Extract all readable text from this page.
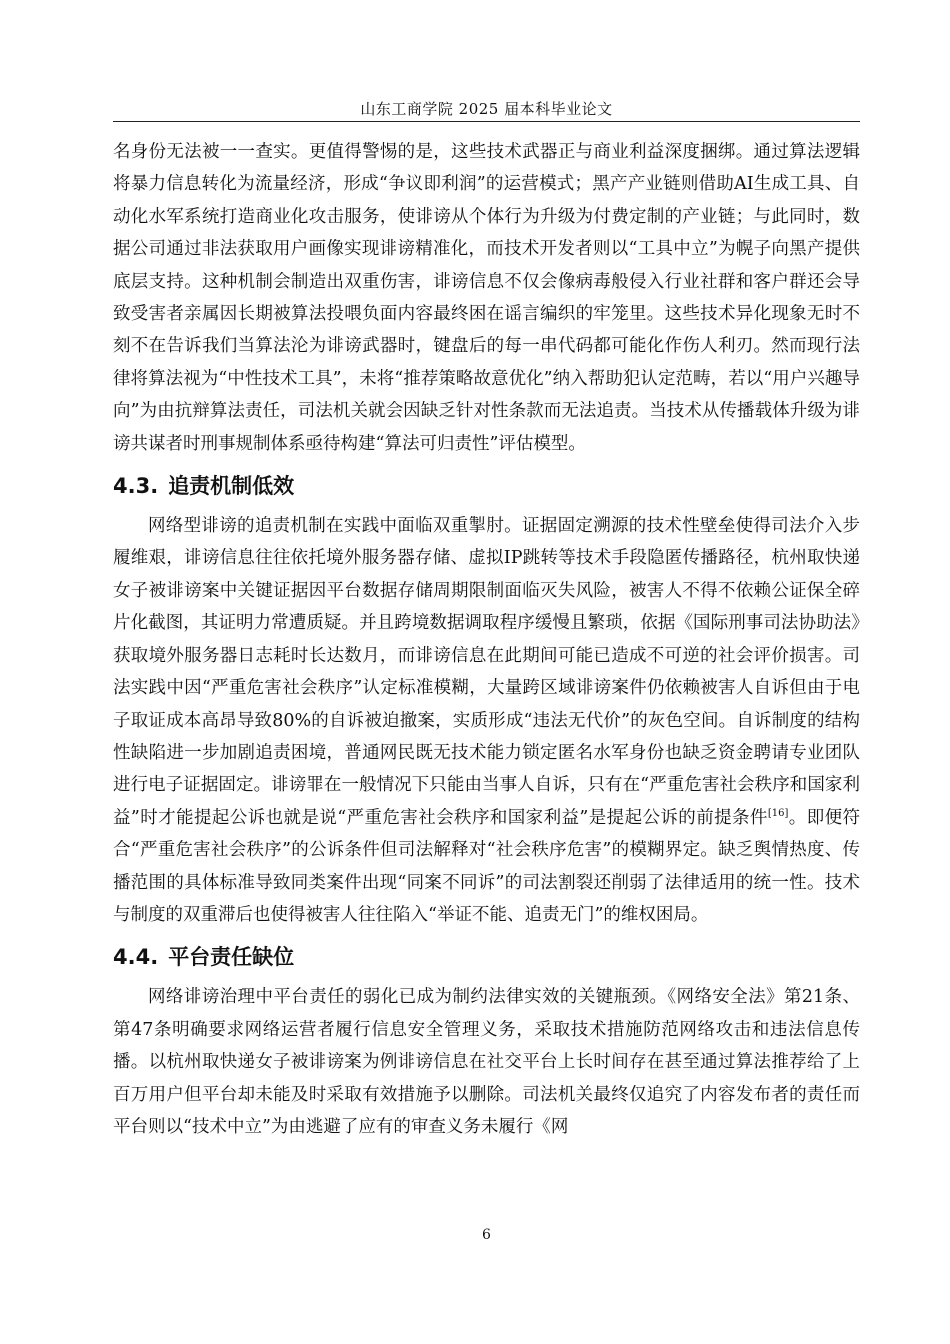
山东工商学院 2025 届本科毕业论文

名身份无法被一一查实。更值得警惕的是，这些技术武器正与商业利益深度捆绑。通过算法逻辑将暴力信息转化为流量经济，形成“争议即利润”的运营模式；黑产产业链则借助AI生成工具、自动化水军系统打造商业化攻击服务，使诽谤从个体行为升级为付费定制的产业链；与此同时，数据公司通过非法获取用户画像实现诽谤精准化，而技术开发者则以“工具中立”为幌子向黑产提供底层支持。这种机制会制造出双重伤害，诽谤信息不仅会像病毒般侵入行业社群和客户群还会导致受害者亲属因长期被算法投喂负面内容最终困在谣言编织的牢笼里。这些技术异化现象无时不刻不在告诉我们当算法沦为诽谤武器时，键盘后的每一串代码都可能化作伤人利刃。然而现行法律将算法视为“中性技术工具”，未将“推荐策略故意优化”纳入帮助犯认定范畴，若以“用户兴趣导向”为由抗辩算法责任，司法机关就会因缺乏针对性条款而无法追责。当技术从传播载体升级为诽谤共谋者时刑事规制体系亟待构建“算法可归责性”评估模型。

4.3. 追责机制低效

网络型诽谤的追责机制在实践中面临双重掣肘。证据固定溯源的技术性壁垒使得司法介入步履维艰，诽谤信息往往依托境外服务器存储、虚拟IP跳转等技术手段隐匿传播路径，杭州取快递女子被诽谤案中关键证据因平台数据存储周期限制面临灭失风险，被害人不得不依赖公证保全碎片化截图，其证明力常遭质疑。并且跨境数据调取程序缓慢且繁琐，依据《国际刑事司法协助法》获取境外服务器日志耗时长达数月，而诽谤信息在此期间可能已造成不可逆的社会评价损害。司法实践中因“严重危害社会秩序”认定标准模糊，大量跨区域诽谤案件仍依赖被害人自诉但由于电子取证成本高昂导致80%的自诉被迫撤案，实质形成“违法无代价”的灰色空间。自诉制度的结构性缺陷进一步加剧追责困境，普通网民既无技术能力锁定匿名水军身份也缺乏资金聘请专业团队进行电子证据固定。诽谤罪在一般情况下只能由当事人自诉，只有在“严重危害社会秩序和国家利益”时才能提起公诉也就是说“严重危害社会秩序和国家利益”是提起公诉的前提条件[16]。即便符合“严重危害社会秩序”的公诉条件但司法解释对“社会秩序危害”的模糊界定。缺乏舆情热度、传播范围的具体标准导致同类案件出现“同案不同诉”的司法割裂还削弱了法律适用的统一性。技术与制度的双重滞后也使得被害人往往陷入“举证不能、追责无门”的维权困局。

4.4. 平台责任缺位

网络诽谤治理中平台责任的弱化已成为制约法律实效的关键瓶颈。《网络安全法》第21条、第47条明确要求网络运营者履行信息安全管理义务，采取技术措施防范网络攻击和违法信息传播。以杭州取快递女子被诽谤案为例诽谤信息在社交平台上长时间存在甚至通过算法推荐给了上百万用户但平台却未能及时采取有效措施予以删除。司法机关最终仅追究了内容发布者的责任而平台则以“技术中立”为由逃避了应有的审查义务未履行《网

6
